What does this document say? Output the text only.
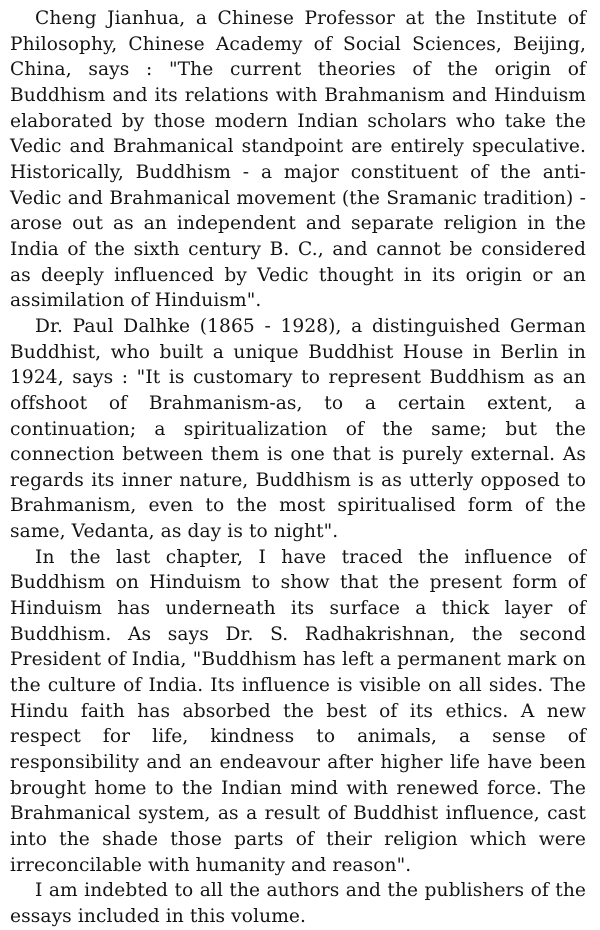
Cheng Jianhua, a Chinese Professor at the Institute of Philosophy, Chinese Academy of Social Sciences, Beijing, China, says : "The current theories of the origin of Buddhism and its relations with Brahmanism and Hinduism elaborated by those modern Indian scholars who take the Vedic and Brahmanical standpoint are entirely speculative. Historically, Buddhism - a major constituent of the anti-Vedic and Brahmanical movement (the Sramanic tradition) - arose out as an independent and separate religion in the India of the sixth century B. C., and cannot be considered as deeply influenced by Vedic thought in its origin or an assimilation of Hinduism".

Dr. Paul Dalhke (1865 - 1928), a distinguished German Buddhist, who built a unique Buddhist House in Berlin in 1924, says : "It is customary to represent Buddhism as an offshoot of Brahmanism-as, to a certain extent, a continuation; a spiritualization of the same; but the connection between them is one that is purely external. As regards its inner nature, Buddhism is as utterly opposed to Brahmanism, even to the most spiritualised form of the same, Vedanta, as day is to night".

In the last chapter, I have traced the influence of Buddhism on Hinduism to show that the present form of Hinduism has underneath its surface a thick layer of Buddhism. As says Dr. S. Radhakrishnan, the second President of India, "Buddhism has left a permanent mark on the culture of India. Its influence is visible on all sides. The Hindu faith has absorbed the best of its ethics. A new respect for life, kindness to animals, a sense of responsibility and an endeavour after higher life have been brought home to the Indian mind with renewed force. The Brahmanical system, as a result of Buddhist influence, cast into the shade those parts of their religion which were irreconcilable with humanity and reason".

I am indebted to all the authors and the publishers of the essays included in this volume.
